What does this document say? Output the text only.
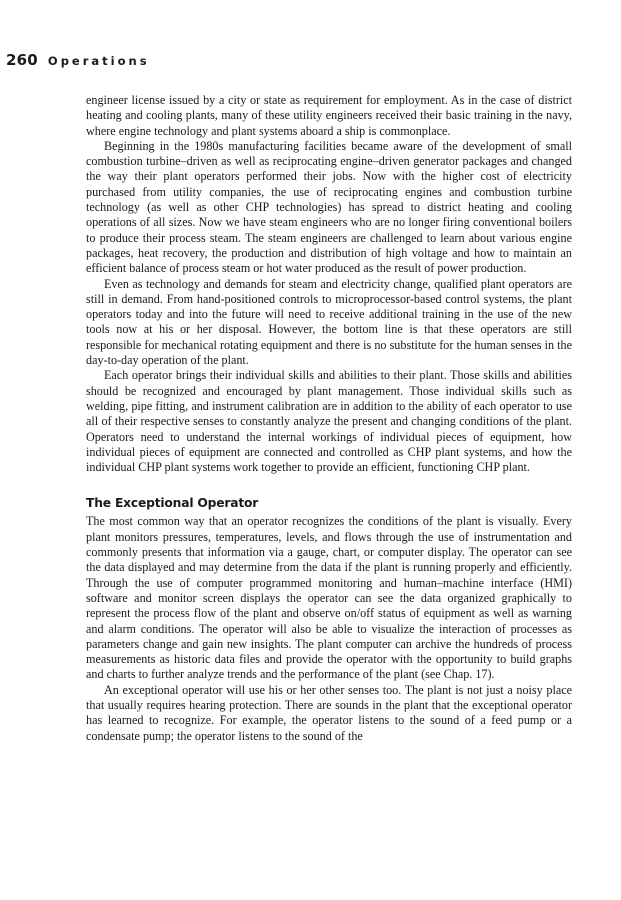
260 Operations

engineer license issued by a city or state as requirement for employment. As in the case of district heating and cooling plants, many of these utility engineers received their basic training in the navy, where engine technology and plant systems aboard a ship is commonplace.

Beginning in the 1980s manufacturing facilities became aware of the development of small combustion turbine–driven as well as reciprocating engine–driven generator packages and changed the way their plant operators performed their jobs. Now with the higher cost of electricity purchased from utility companies, the use of reciprocating engines and combustion turbine technology (as well as other CHP technologies) has spread to district heating and cooling operations of all sizes. Now we have steam engineers who are no longer firing conventional boilers to produce their process steam. The steam engineers are challenged to learn about various engine packages, heat recovery, the production and distribution of high voltage and how to maintain an efficient balance of process steam or hot water produced as the result of power production.

Even as technology and demands for steam and electricity change, qualified plant operators are still in demand. From hand-positioned controls to microprocessor-based control systems, the plant operators today and into the future will need to receive additional training in the use of the new tools now at his or her disposal. However, the bottom line is that these operators are still responsible for mechanical rotating equipment and there is no substitute for the human senses in the day-to-day operation of the plant.

Each operator brings their individual skills and abilities to their plant. Those skills and abilities should be recognized and encouraged by plant management. Those individual skills such as welding, pipe fitting, and instrument calibration are in addition to the ability of each operator to use all of their respective senses to constantly analyze the present and changing conditions of the plant. Operators need to understand the internal workings of individual pieces of equipment, how individual pieces of equipment are connected and controlled as CHP plant systems, and how the individual CHP plant systems work together to provide an efficient, functioning CHP plant.

The Exceptional Operator

The most common way that an operator recognizes the conditions of the plant is visually. Every plant monitors pressures, temperatures, levels, and flows through the use of instrumentation and commonly presents that information via a gauge, chart, or computer display. The operator can see the data displayed and may determine from the data if the plant is running properly and efficiently. Through the use of computer programmed monitoring and human–machine interface (HMI) software and monitor screen displays the operator can see the data organized graphically to represent the process flow of the plant and observe on/off status of equipment as well as warning and alarm conditions. The operator will also be able to visualize the interaction of processes as parameters change and gain new insights. The plant computer can archive the hundreds of process measurements as historic data files and provide the operator with the opportunity to build graphs and charts to further analyze trends and the performance of the plant (see Chap. 17).

An exceptional operator will use his or her other senses too. The plant is not just a noisy place that usually requires hearing protection. There are sounds in the plant that the exceptional operator has learned to recognize. For example, the operator listens to the sound of a feed pump or a condensate pump; the operator listens to the sound of the
